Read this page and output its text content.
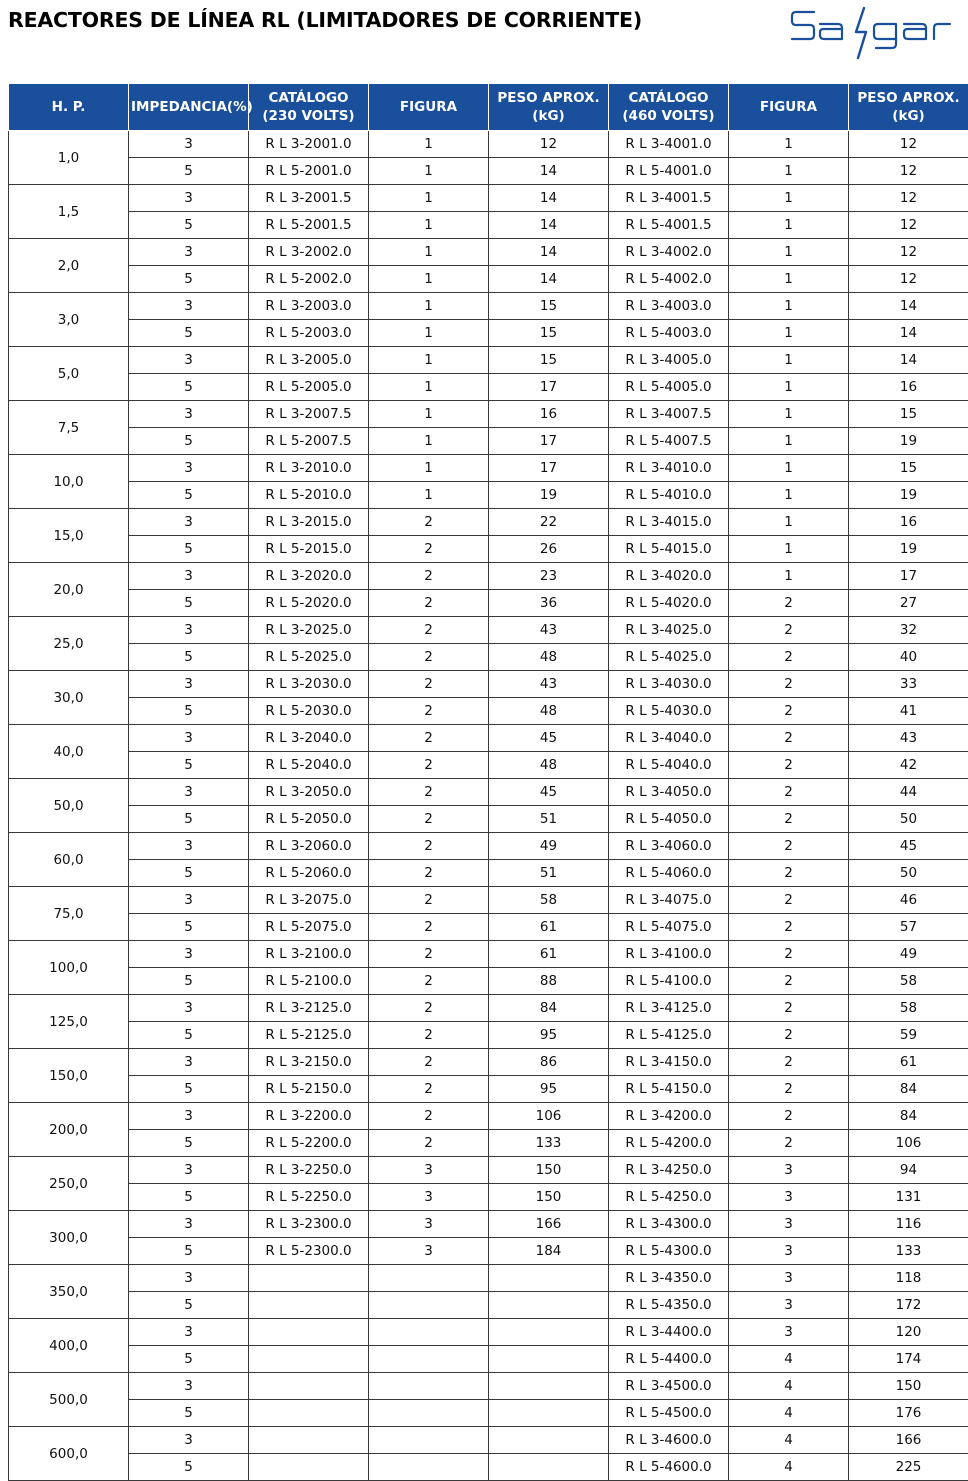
REACTORES DE LÍNEA RL (LIMITADORES DE CORRIENTE)
H. P.	IMPEDANCIA(%)	CATÁLOGO (230 VOLTS)	FIGURA	PESO APROX. (kG)	CATÁLOGO (460 VOLTS)	FIGURA	PESO APROX. (kG)
1,0	3	R L 3-2001.0	1	12	R L 3-4001.0	1	12
	5	R L 5-2001.0	1	14	R L 5-4001.0	1	12
1,5	3	R L 3-2001.5	1	14	R L 3-4001.5	1	12
	5	R L 5-2001.5	1	14	R L 5-4001.5	1	12
2,0	3	R L 3-2002.0	1	14	R L 3-4002.0	1	12
	5	R L 5-2002.0	1	14	R L 5-4002.0	1	12
3,0	3	R L 3-2003.0	1	15	R L 3-4003.0	1	14
	5	R L 5-2003.0	1	15	R L 5-4003.0	1	14
5,0	3	R L 3-2005.0	1	15	R L 3-4005.0	1	14
	5	R L 5-2005.0	1	17	R L 5-4005.0	1	16
7,5	3	R L 3-2007.5	1	16	R L 3-4007.5	1	15
	5	R L 5-2007.5	1	17	R L 5-4007.5	1	19
10,0	3	R L 3-2010.0	1	17	R L 3-4010.0	1	15
	5	R L 5-2010.0	1	19	R L 5-4010.0	1	19
15,0	3	R L 3-2015.0	2	22	R L 3-4015.0	1	16
	5	R L 5-2015.0	2	26	R L 5-4015.0	1	19
20,0	3	R L 3-2020.0	2	23	R L 3-4020.0	1	17
	5	R L 5-2020.0	2	36	R L 5-4020.0	2	27
25,0	3	R L 3-2025.0	2	43	R L 3-4025.0	2	32
	5	R L 5-2025.0	2	48	R L 5-4025.0	2	40
30,0	3	R L 3-2030.0	2	43	R L 3-4030.0	2	33
	5	R L 5-2030.0	2	48	R L 5-4030.0	2	41
40,0	3	R L 3-2040.0	2	45	R L 3-4040.0	2	43
	5	R L 5-2040.0	2	48	R L 5-4040.0	2	42
50,0	3	R L 3-2050.0	2	45	R L 3-4050.0	2	44
	5	R L 5-2050.0	2	51	R L 5-4050.0	2	50
60,0	3	R L 3-2060.0	2	49	R L 3-4060.0	2	45
	5	R L 5-2060.0	2	51	R L 5-4060.0	2	50
75,0	3	R L 3-2075.0	2	58	R L 3-4075.0	2	46
	5	R L 5-2075.0	2	61	R L 5-4075.0	2	57
100,0	3	R L 3-2100.0	2	61	R L 3-4100.0	2	49
	5	R L 5-2100.0	2	88	R L 5-4100.0	2	58
125,0	3	R L 3-2125.0	2	84	R L 3-4125.0	2	58
	5	R L 5-2125.0	2	95	R L 5-4125.0	2	59
150,0	3	R L 3-2150.0	2	86	R L 3-4150.0	2	61
	5	R L 5-2150.0	2	95	R L 5-4150.0	2	84
200,0	3	R L 3-2200.0	2	106	R L 3-4200.0	2	84
	5	R L 5-2200.0	2	133	R L 5-4200.0	2	106
250,0	3	R L 3-2250.0	3	150	R L 3-4250.0	3	94
	5	R L 5-2250.0	3	150	R L 5-4250.0	3	131
300,0	3	R L 3-2300.0	3	166	R L 3-4300.0	3	116
	5	R L 5-2300.0	3	184	R L 5-4300.0	3	133
350,0	3				R L 3-4350.0	3	118
	5				R L 5-4350.0	3	172
400,0	3				R L 3-4400.0	3	120
	5				R L 5-4400.0	4	174
500,0	3				R L 3-4500.0	4	150
	5				R L 5-4500.0	4	176
600,0	3				R L 3-4600.0	4	166
	5				R L 5-4600.0	4	225
